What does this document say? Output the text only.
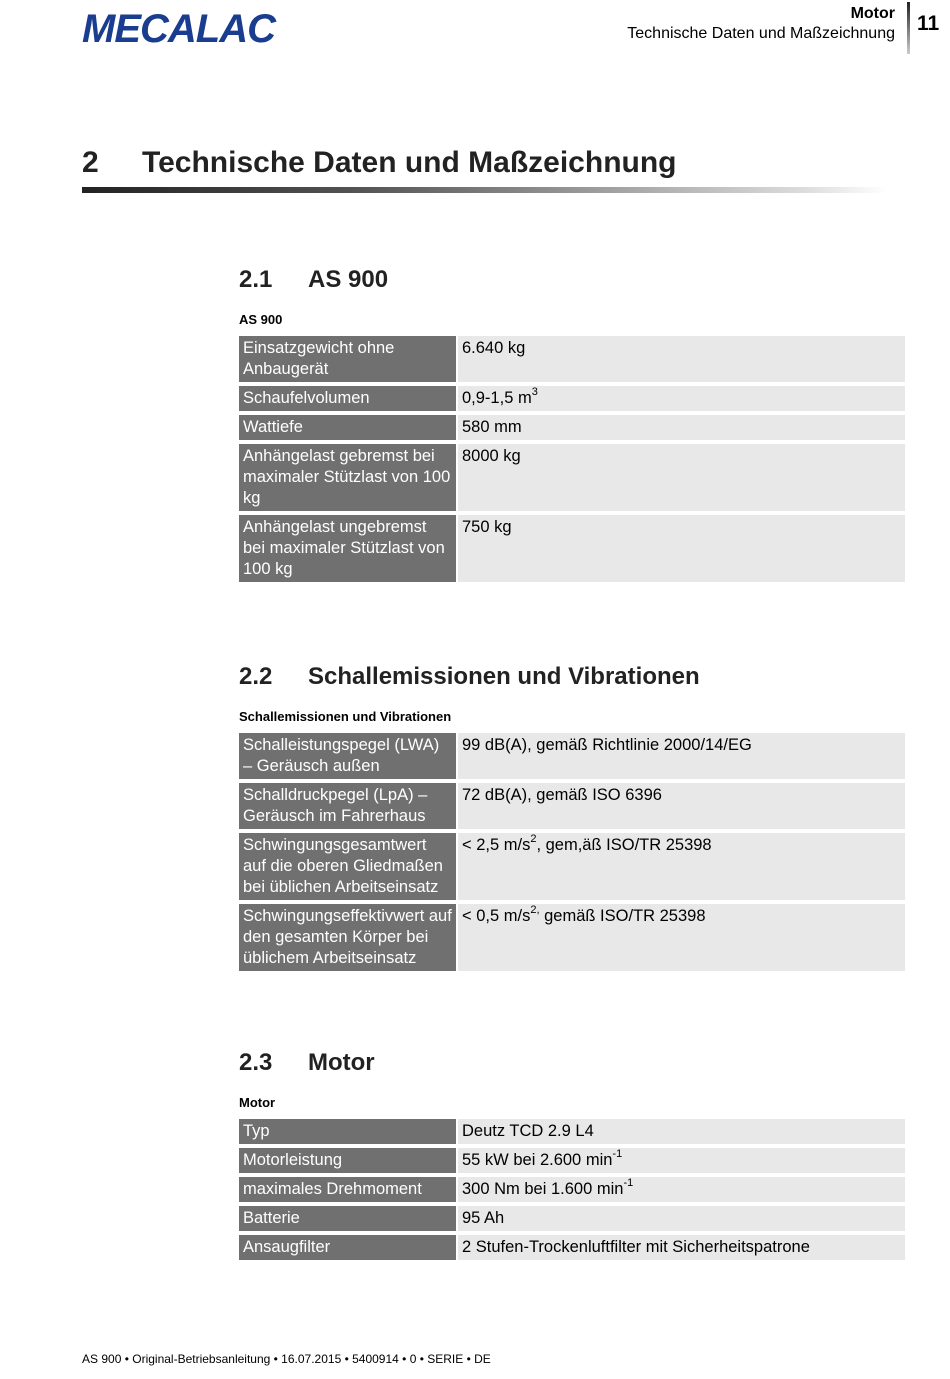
MECALAC	Motor
Technische Daten und Maßzeichnung 11
2 Technische Daten und Maßzeichnung
2.1 AS 900
AS 900
Einsatzgewicht ohne Anbaugerät	6.640 kg
Schaufelvolumen	0,9-1,5 $m^3$
Wattiefe	580 mm
Anhängelast gebremst bei maximaler Stützlast von 100 kg	8000 kg
Anhängelast ungebremst bei maximaler Stützlast von 100 kg	750 kg
2.2 Schallemissionen und Vibrationen
Schallemissionen und Vibrationen
Schalleistungspegel (LWA) – Geräusch außen	99 dB(A), gemäß Richtlinie 2000/14/EG
Schalldruckpegel (LpA) – Geräusch im Fahrerhaus	72 dB(A), gemäß ISO 6396
Schwingungsgesamtwert auf die oberen Gliedmaßen bei üblichen Arbeitseinsatz	< 2,5 $m/s^2$, gem,äß ISO/TR 25398
Schwingungseffektivwert auf den gesamten Körper bei üblichem Arbeitseinsatz	< 0,5 $m/s^{2,}$ gemäß ISO/TR 25398
2.3 Motor
Motor
Typ	Deutz TCD 2.9 L4
Motorleistung	55 kW bei 2.600 $\min^{-1}$
maximales Drehmoment	300 Nm bei 1.600 $\min^{-1}$
Batterie	95 Ah
Ansaugfilter	2 Stufen-Trockenluftfilter mit Sicherheitspatrone
AS 900 • Original-Betriebsanleitung • 16.07.2015 • 5400914 • 0 • SERIE • DE
